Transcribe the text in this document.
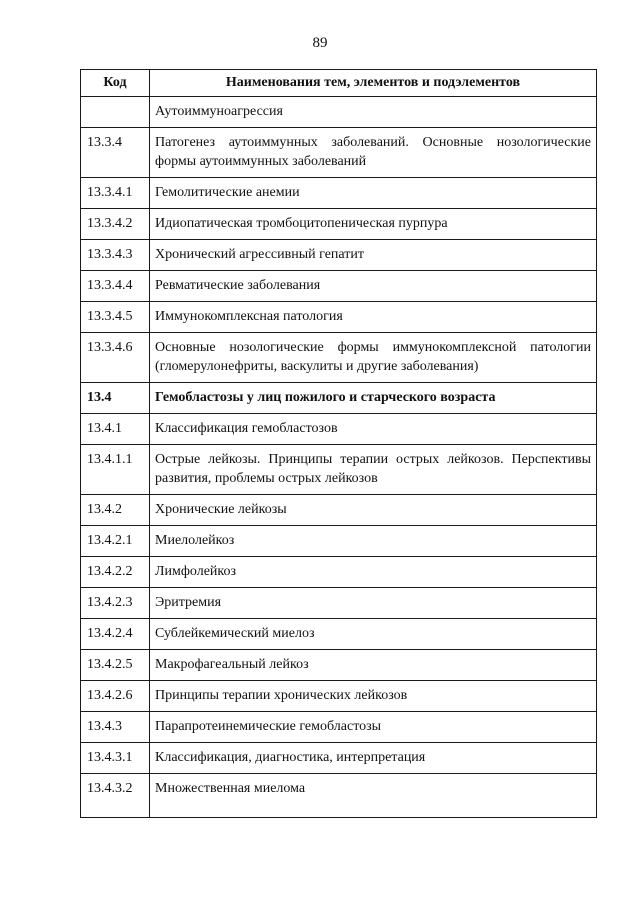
89
Код	Наименования тем, элементов и подэлементов
	Аутоиммуноагрессия
13.3.4	Патогенез аутоиммунных заболеваний. Основные нозологические формы аутоиммунных заболеваний
13.3.4.1	Гемолитические анемии
13.3.4.2	Идиопатическая тромбоцитопеническая пурпура
13.3.4.3	Хронический агрессивный гепатит
13.3.4.4	Ревматические заболевания
13.3.4.5	Иммунокомплексная патология
13.3.4.6	Основные нозологические формы иммунокомплексной патологии (гломерулонефриты, васкулиты и другие заболевания)
13.4	Гемобластозы у лиц пожилого и старческого возраста
13.4.1	Классификация гемобластозов
13.4.1.1	Острые лейкозы. Принципы терапии острых лейкозов. Перспективы развития, проблемы острых лейкозов
13.4.2	Хронические лейкозы
13.4.2.1	Миелолейкоз
13.4.2.2	Лимфолейкоз
13.4.2.3	Эритремия
13.4.2.4	Сублейкемический миелоз
13.4.2.5	Макрофагеальный лейкоз
13.4.2.6	Принципы терапии хронических лейкозов
13.4.3	Парапротеинемические гемобластозы
13.4.3.1	Классификация, диагностика, интерпретация
13.4.3.2	Множественная миелома
